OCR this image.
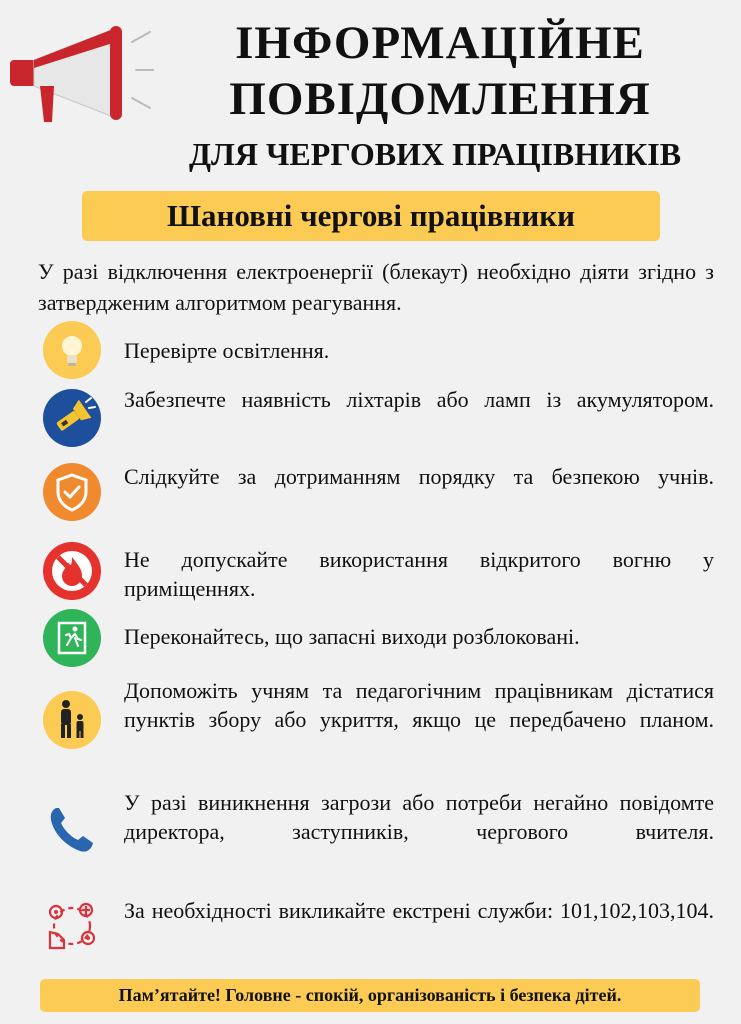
ІНФОРМАЦІЙНЕ
ПОВІДОМЛЕННЯ
ДЛЯ ЧЕРГОВИХ ПРАЦІВНИКІВ
Шановні чергові працівники
У разі відключення електроенергії (блекаут) необхідно діяти згідно з затвердженим алгоритмом реагування.
Перевірте освітлення.
Забезпечте наявність ліхтарів або ламп із акумулятором.
Слідкуйте за дотриманням порядку та безпекою учнів.
Не допускайте використання відкритого вогню у приміщеннях.
Переконайтесь, що запасні виходи розблоковані.
Допоможіть учням та педагогічним працівникам дістатися пунктів збору або укриття, якщо це передбачено планом.
У разі виникнення загрози або потреби негайно повідомте директора, заступників, чергового вчителя.
За необхідності викликайте екстрені служби: 101,102,103,104.
Пам’ятайте! Головне - спокій, організованість і безпека дітей.
